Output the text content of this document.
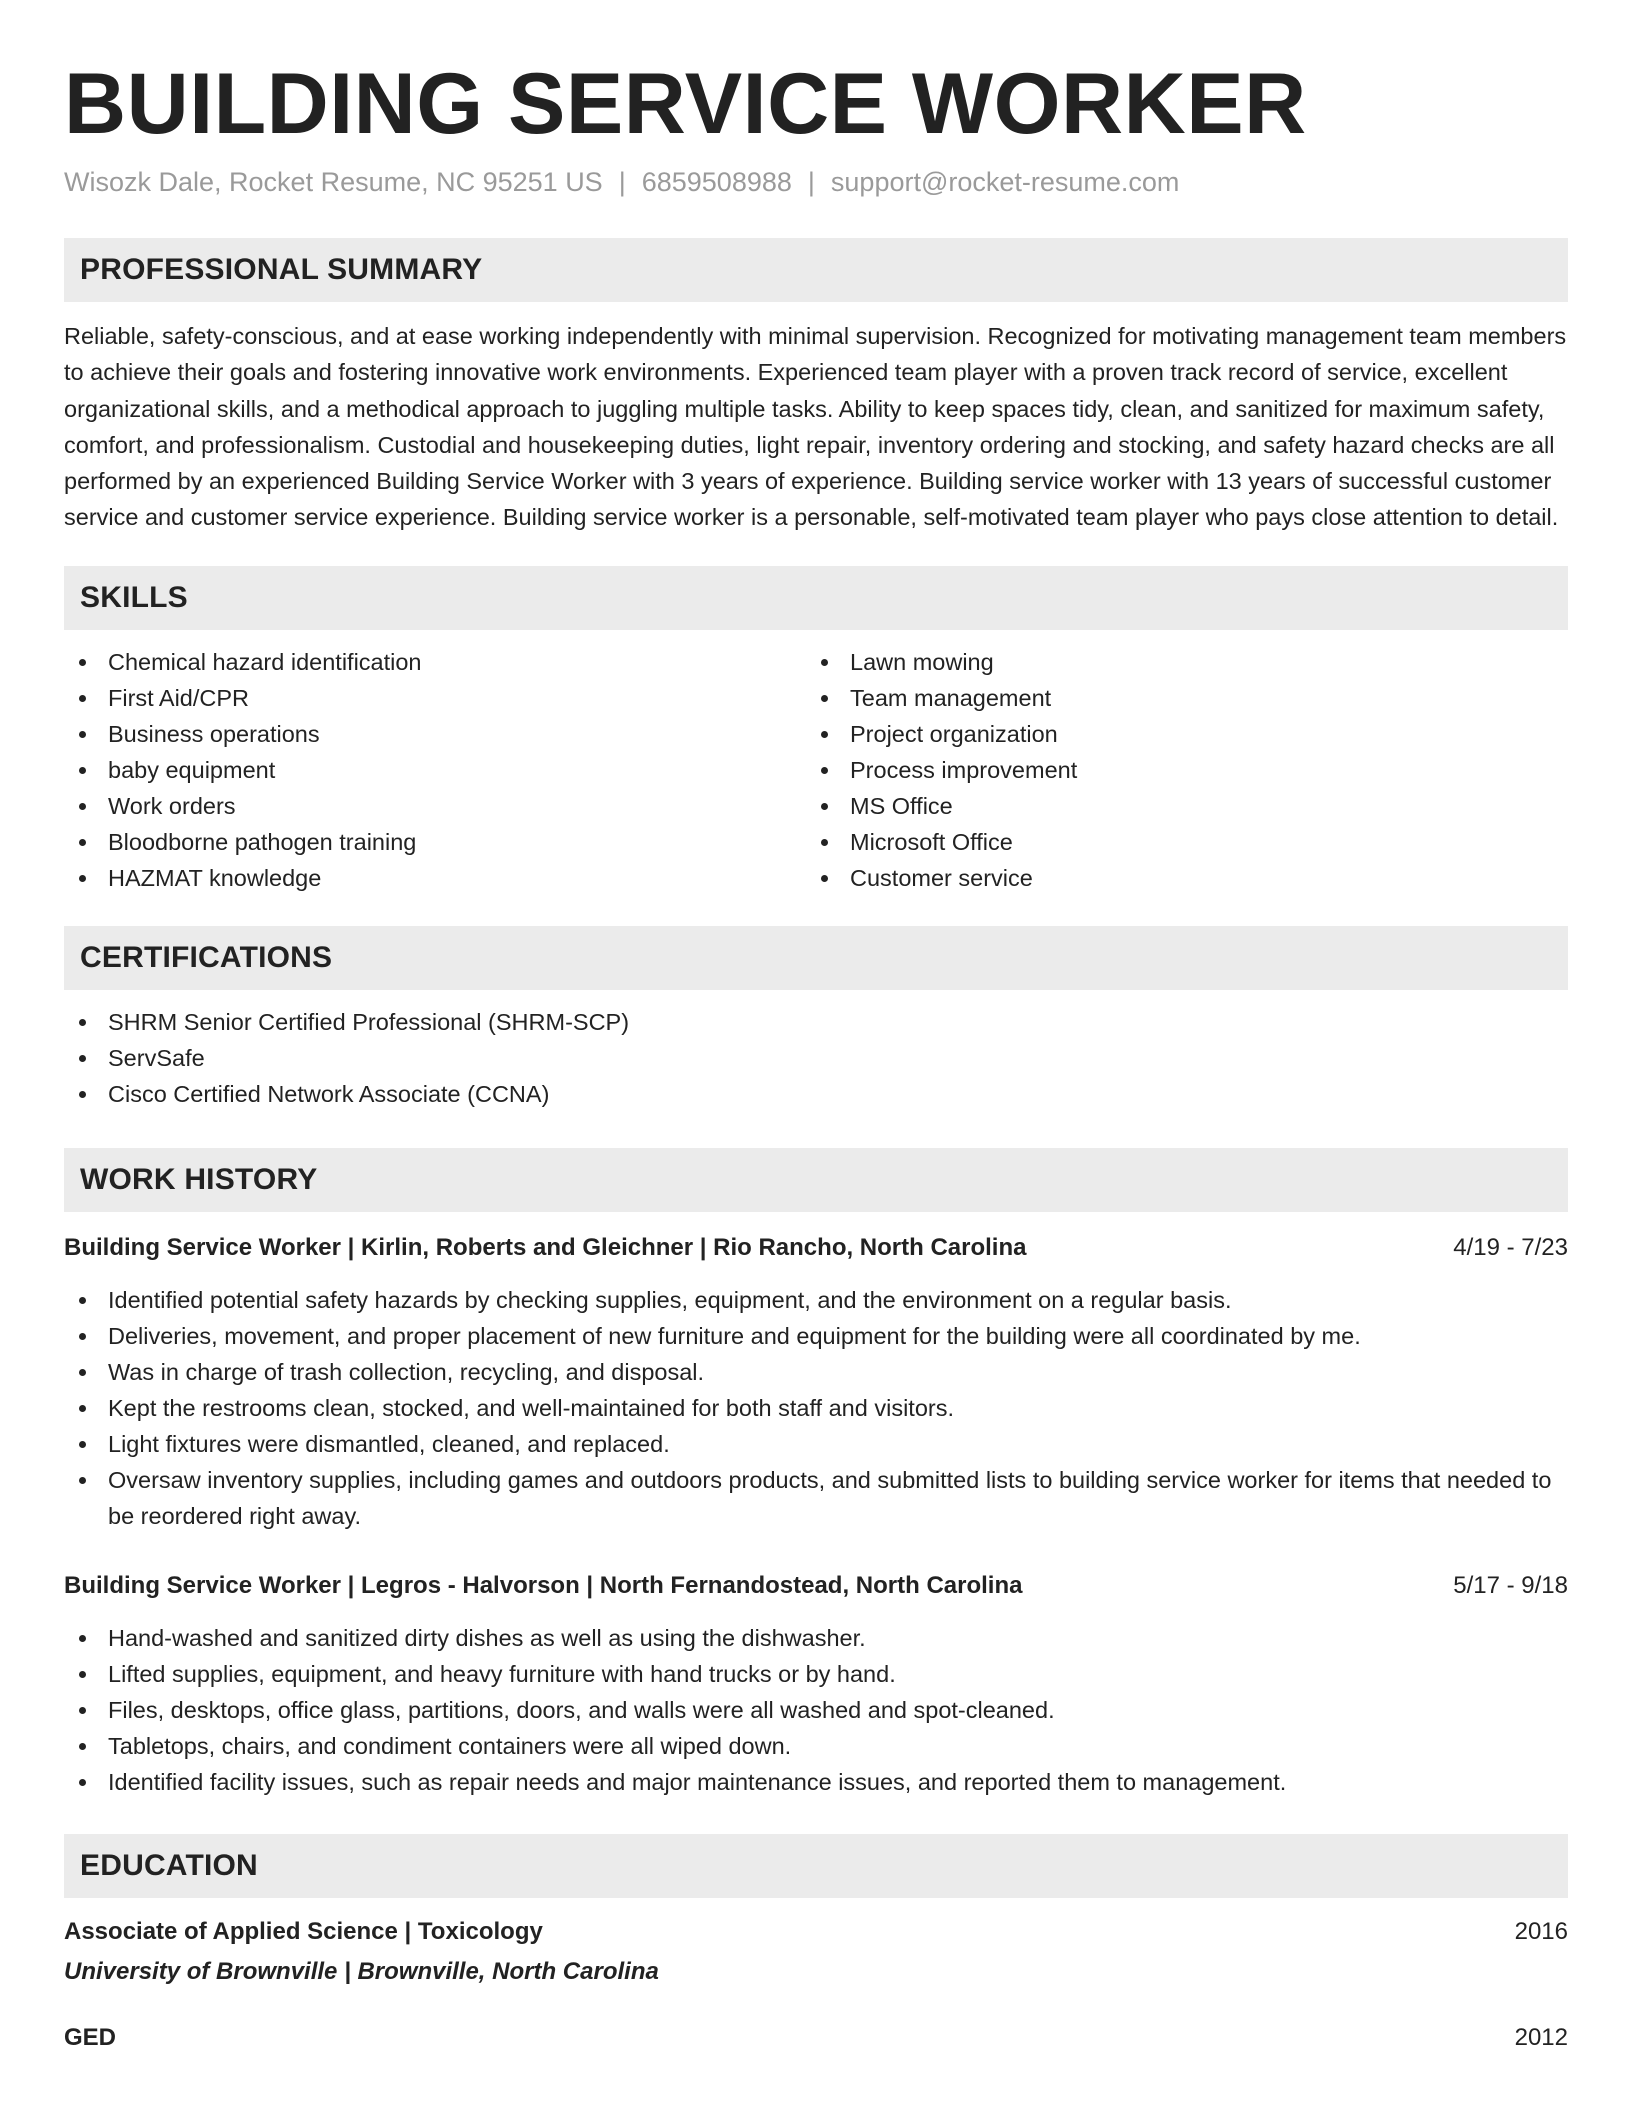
BUILDING SERVICE WORKER
Wisozk Dale, Rocket Resume, NC 95251 US | 6859508988 | support@rocket-resume.com
PROFESSIONAL SUMMARY
Reliable, safety-conscious, and at ease working independently with minimal supervision. Recognized for motivating management team members to achieve their goals and fostering innovative work environments. Experienced team player with a proven track record of service, excellent organizational skills, and a methodical approach to juggling multiple tasks. Ability to keep spaces tidy, clean, and sanitized for maximum safety, comfort, and professionalism. Custodial and housekeeping duties, light repair, inventory ordering and stocking, and safety hazard checks are all performed by an experienced Building Service Worker with 3 years of experience. Building service worker with 13 years of successful customer service and customer service experience. Building service worker is a personable, self-motivated team player who pays close attention to detail.
SKILLS
Chemical hazard identification
First Aid/CPR
Business operations
baby equipment
Work orders
Bloodborne pathogen training
HAZMAT knowledge
Lawn mowing
Team management
Project organization
Process improvement
MS Office
Microsoft Office
Customer service
CERTIFICATIONS
SHRM Senior Certified Professional (SHRM-SCP)
ServSafe
Cisco Certified Network Associate (CCNA)
WORK HISTORY
Building Service Worker | Kirlin, Roberts and Gleichner | Rio Rancho, North Carolina	4/19 - 7/23
Identified potential safety hazards by checking supplies, equipment, and the environment on a regular basis.
Deliveries, movement, and proper placement of new furniture and equipment for the building were all coordinated by me.
Was in charge of trash collection, recycling, and disposal.
Kept the restrooms clean, stocked, and well-maintained for both staff and visitors.
Light fixtures were dismantled, cleaned, and replaced.
Oversaw inventory supplies, including games and outdoors products, and submitted lists to building service worker for items that needed to be reordered right away.
Building Service Worker | Legros - Halvorson | North Fernandostead, North Carolina	5/17 - 9/18
Hand-washed and sanitized dirty dishes as well as using the dishwasher.
Lifted supplies, equipment, and heavy furniture with hand trucks or by hand.
Files, desktops, office glass, partitions, doors, and walls were all washed and spot-cleaned.
Tabletops, chairs, and condiment containers were all wiped down.
Identified facility issues, such as repair needs and major maintenance issues, and reported them to management.
EDUCATION
Associate of Applied Science | Toxicology	2016
University of Brownville | Brownville, North Carolina
GED	2012
